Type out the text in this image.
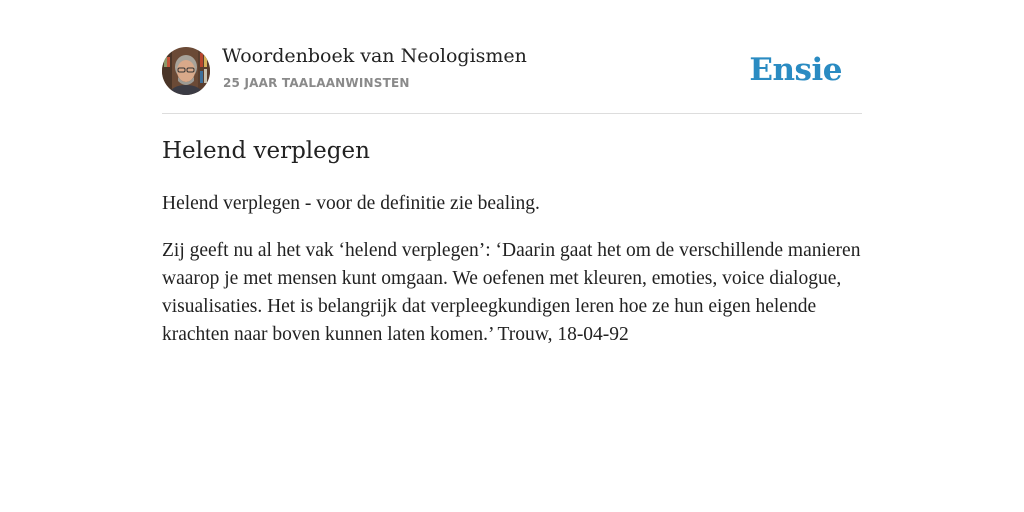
Woordenboek van Neologismen
25 JAAR TAALAANWINSTEN	Ensie
Helend verplegen
Helend verplegen - voor de definitie zie bealing.
Zij geeft nu al het vak ‘helend verplegen’: ‘Daarin gaat het om de verschillende manieren waarop je met mensen kunt omgaan. We oefenen met kleuren, emoties, voice dialogue, visualisaties. Het is belangrijk dat verpleegkundigen leren hoe ze hun eigen helende krachten naar boven kunnen laten komen.’ Trouw, 18-04-92
